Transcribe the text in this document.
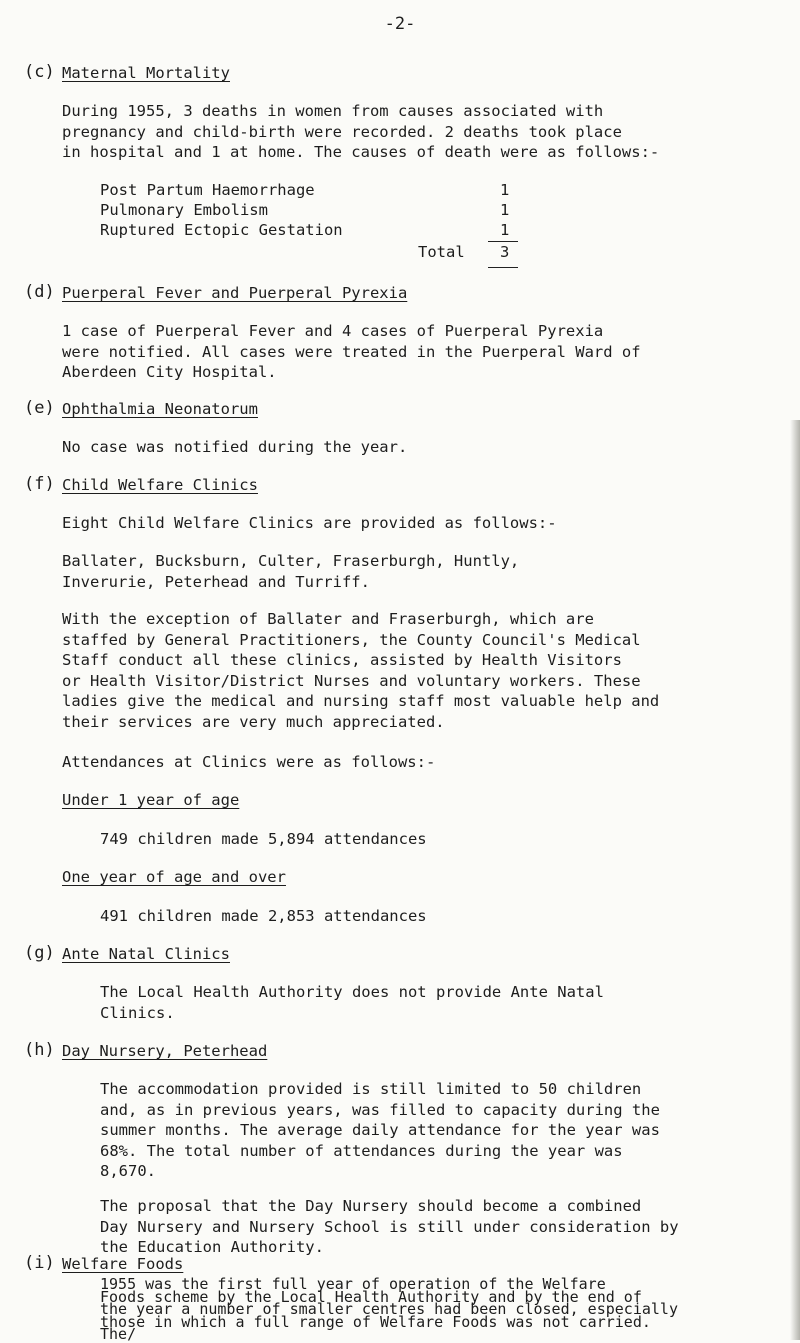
-2-
(c) Maternal Mortality
During 1955, 3 deaths in women from causes associated with
pregnancy and child-birth were recorded. 2 deaths took place
in hospital and 1 at home. The causes of death were as follows:-
Post Partum Haemorrhage	1
Pulmonary Embolism	1
Ruptured Ectopic Gestation	1
Total 3
(d) Puerperal Fever and Puerperal Pyrexia
1 case of Puerperal Fever and 4 cases of Puerperal Pyrexia
were notified. All cases were treated in the Puerperal Ward of
Aberdeen City Hospital.
(e) Ophthalmia Neonatorum
No case was notified during the year.
(f) Child Welfare Clinics
Eight Child Welfare Clinics are provided as follows:-
Ballater, Bucksburn, Culter, Fraserburgh, Huntly,
Inverurie, Peterhead and Turriff.
With the exception of Ballater and Fraserburgh, which are
staffed by General Practitioners, the County Council's Medical
Staff conduct all these clinics, assisted by Health Visitors
or Health Visitor/District Nurses and voluntary workers. These
ladies give the medical and nursing staff most valuable help and
their services are very much appreciated.
Attendances at Clinics were as follows:-
Under 1 year of age
749 children made 5,894 attendances
One year of age and over
491 children made 2,853 attendances
(g) Ante Natal Clinics
The Local Health Authority does not provide Ante Natal
Clinics.
(h) Day Nursery, Peterhead
The accommodation provided is still limited to 50 children
and, as in previous years, was filled to capacity during the
summer months. The average daily attendance for the year was
68%. The total number of attendances during the year was
8,670.
The proposal that the Day Nursery should become a combined
Day Nursery and Nursery School is still under consideration by
the Education Authority.
(i) Welfare Foods
1955 was the first full year of operation of the Welfare
Foods scheme by the Local Health Authority and by the end of
the year a number of smaller centres had been closed, especially
those in which a full range of Welfare Foods was not carried.
The/
